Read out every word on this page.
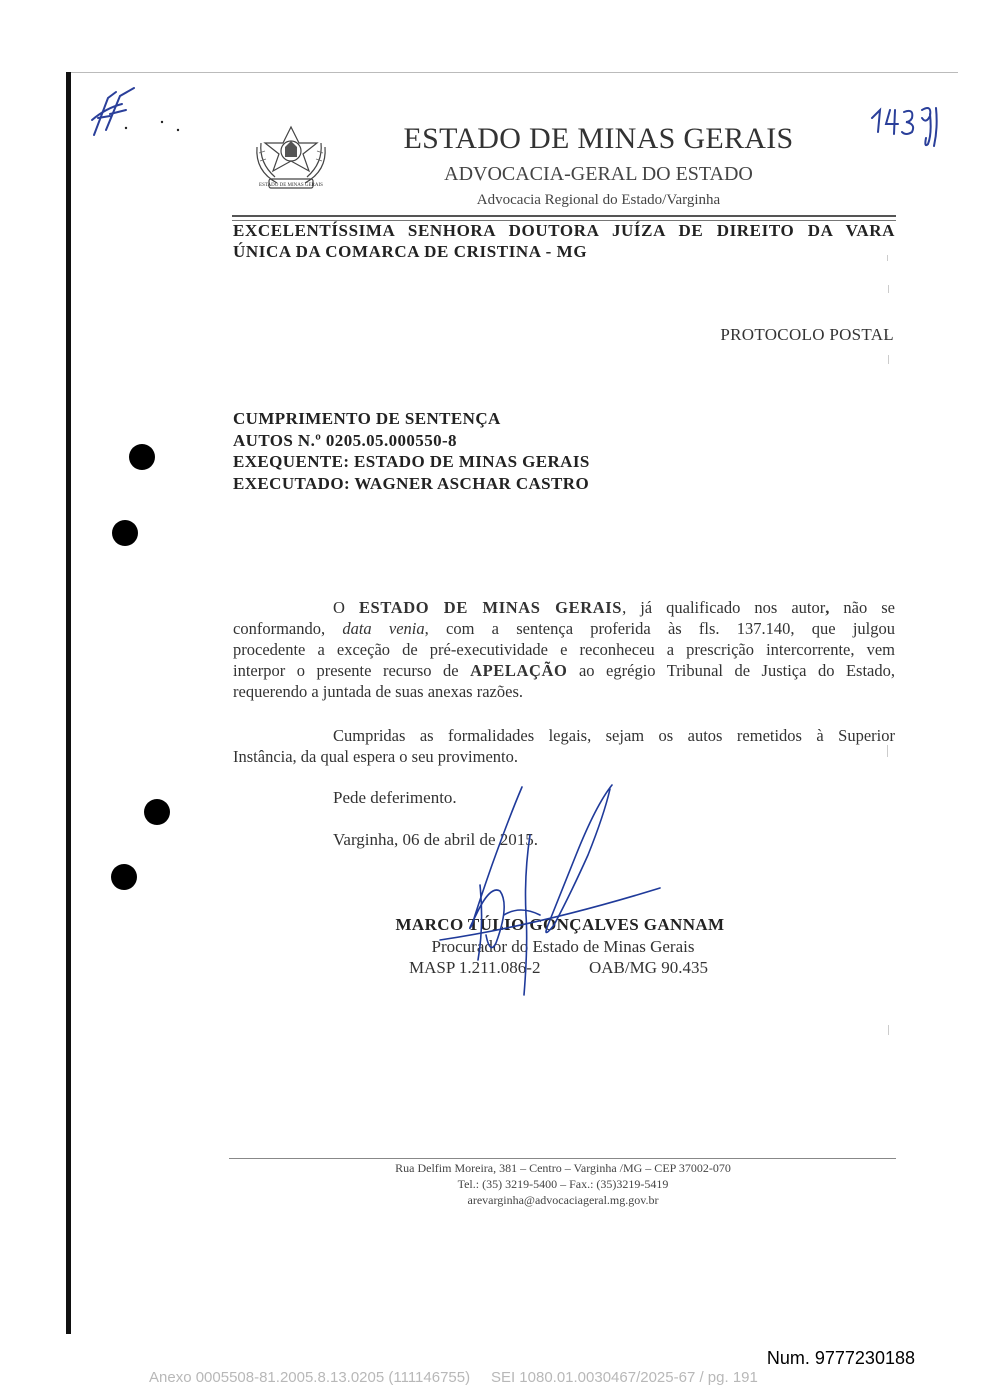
ESTADO DE MINAS GERAIS
ESTADO DE MINAS GERAIS
ADVOCACIA-GERAL DO ESTADO
Advocacia Regional do Estado/Varginha
EXCELENTÍSSIMA SENHORA DOUTORA JUÍZA DE DIREITO DA VARA
ÚNICA DA COMARCA DE CRISTINA - MG
PROTOCOLO POSTAL
CUMPRIMENTO DE SENTENÇA
AUTOS N.º 0205.05.000550-8
EXEQUENTE: ESTADO DE MINAS GERAIS
EXECUTADO: WAGNER ASCHAR CASTRO
O ESTADO DE MINAS GERAIS, já qualificado nos autor, não se
conformando, data venia, com a sentença proferida às fls. 137.140, que julgou
procedente a exceção de pré-executividade e reconheceu a prescrição intercorrente, vem
interpor o presente recurso de APELAÇÃO ao egrégio Tribunal de Justiça do Estado,
requerendo a juntada de suas anexas razões.
Cumpridas as formalidades legais, sejam os autos remetidos à Superior
Instância, da qual espera o seu provimento.
Pede deferimento.
Varginha, 06 de abril de 2015.
MARCO TÚLIO GONÇALVES GANNAM
Procurador do Estado de Minas Gerais
MASP 1.211.086-2	OAB/MG 90.435
Rua Delfim Moreira, 381 – Centro – Varginha /MG – CEP 37002-070
Tel.: (35) 3219-5400 – Fax.: (35)3219-5419
arevarginha@advocaciageral.mg.gov.br
Num. 9777230188
Anexo 0005508-81.2005.8.13.0205 (111146755) SEI 1080.01.0030467/2025-67 / pg. 191
